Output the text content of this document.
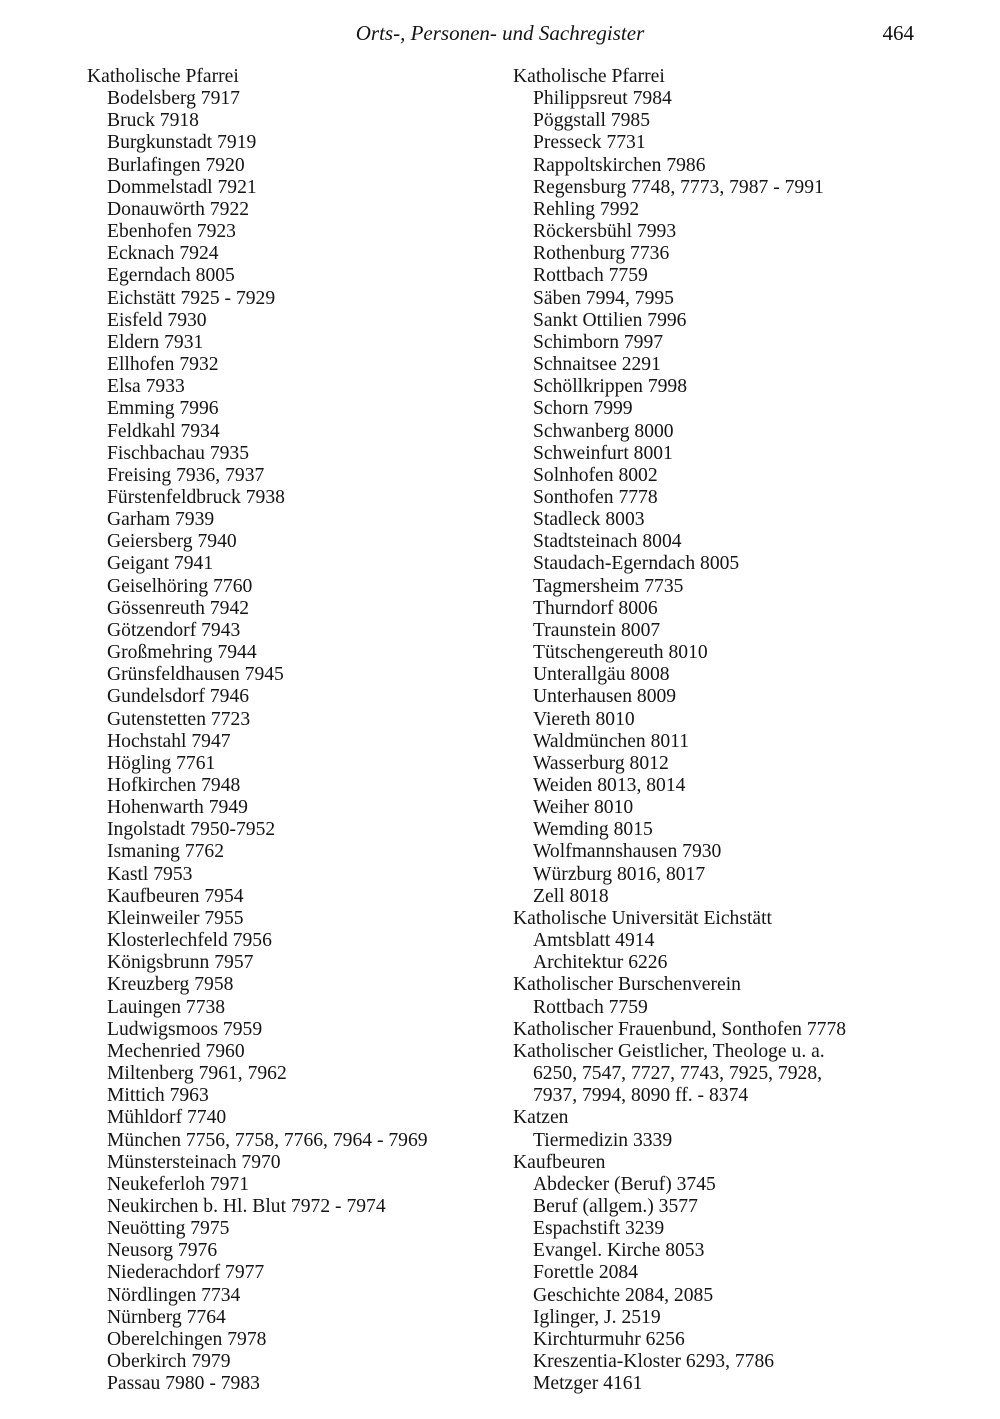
Orts-, Personen- und Sachregister	464
Katholische Pfarrei
Bodelsberg 7917
Bruck 7918
Burgkunstadt 7919
Burlafingen 7920
Dommelstadl 7921
Donauwörth 7922
Ebenhofen 7923
Ecknach 7924
Egerndach 8005
Eichstätt 7925 - 7929
Eisfeld 7930
Eldern 7931
Ellhofen 7932
Elsa 7933
Emming 7996
Feldkahl 7934
Fischbachau 7935
Freising 7936, 7937
Fürstenfeldbruck 7938
Garham 7939
Geiersberg 7940
Geigant 7941
Geiselhöring 7760
Gössenreuth 7942
Götzendorf 7943
Großmehring 7944
Grünsfeldhausen 7945
Gundelsdorf 7946
Gutenstetten 7723
Hochstahl 7947
Högling 7761
Hofkirchen 7948
Hohenwarth 7949
Ingolstadt 7950-7952
Ismaning 7762
Kastl 7953
Kaufbeuren 7954
Kleinweiler 7955
Klosterlechfeld 7956
Königsbrunn 7957
Kreuzberg 7958
Lauingen 7738
Ludwigsmoos 7959
Mechenried 7960
Miltenberg 7961, 7962
Mittich 7963
Mühldorf 7740
München 7756, 7758, 7766, 7964 - 7969
Münstersteinach 7970
Neukeferloh 7971
Neukirchen b. Hl. Blut 7972 - 7974
Neuötting 7975
Neusorg 7976
Niederachdorf 7977
Nördlingen 7734
Nürnberg 7764
Oberelchingen 7978
Oberkirch 7979
Passau 7980 - 7983
Katholische Pfarrei
Philippsreut 7984
Pöggstall 7985
Presseck 7731
Rappoltskirchen 7986
Regensburg 7748, 7773, 7987 - 7991
Rehling 7992
Röckersbühl 7993
Rothenburg 7736
Rottbach 7759
Säben 7994, 7995
Sankt Ottilien 7996
Schimborn 7997
Schnaitsee 2291
Schöllkrippen 7998
Schorn 7999
Schwanberg 8000
Schweinfurt 8001
Solnhofen 8002
Sonthofen 7778
Stadleck 8003
Stadtsteinach 8004
Staudach-Egerndach 8005
Tagmersheim 7735
Thurndorf 8006
Traunstein 8007
Tütschengereuth 8010
Unterallgäu 8008
Unterhausen 8009
Viereth 8010
Waldmünchen 8011
Wasserburg 8012
Weiden 8013, 8014
Weiher 8010
Wemding 8015
Wolfmannshausen 7930
Würzburg 8016, 8017
Zell 8018
Katholische Universität Eichstätt
Amtsblatt 4914
Architektur 6226
Katholischer Burschenverein
Rottbach 7759
Katholischer Frauenbund, Sonthofen 7778
Katholischer Geistlicher, Theologe u. a.
6250, 7547, 7727, 7743, 7925, 7928,
7937, 7994, 8090 ff. - 8374
Katzen
Tiermedizin 3339
Kaufbeuren
Abdecker (Beruf) 3745
Beruf (allgem.) 3577
Espachstift 3239
Evangel. Kirche 8053
Forettle 2084
Geschichte 2084, 2085
Iglinger, J. 2519
Kirchturmuhr 6256
Kreszentia-Kloster 6293, 7786
Metzger 4161
